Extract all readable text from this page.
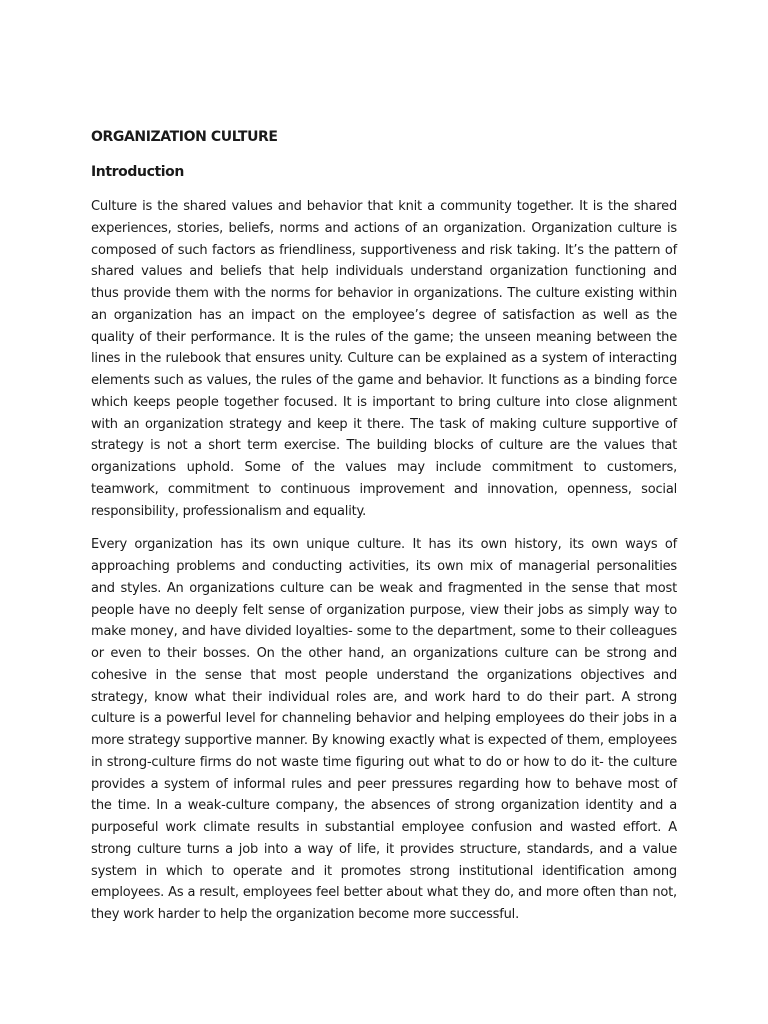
ORGANIZATION CULTURE
Introduction

Culture is the shared values and behavior that knit a community together. It is the shared experiences, stories, beliefs, norms and actions of an organization. Organization culture is composed of such factors as friendliness, supportiveness and risk taking. It’s the pattern of shared values and beliefs that help individuals understand organization functioning and thus provide them with the norms for behavior in organizations. The culture existing within an organization has an impact on the employee’s degree of satisfaction as well as the quality of their performance. It is the rules of the game; the unseen meaning between the lines in the rulebook that ensures unity. Culture can be explained as a system of interacting elements such as values, the rules of the game and behavior. It functions as a binding force which keeps people together focused. It is important to bring culture into close alignment with an organization strategy and keep it there. The task of making culture supportive of strategy is not a short term exercise. The building blocks of culture are the values that organizations uphold. Some of the values may include commitment to customers, teamwork, commitment to continuous improvement and innovation, openness, social responsibility, professionalism and equality.

Every organization has its own unique culture. It has its own history, its own ways of approaching problems and conducting activities, its own mix of managerial personalities and styles. An organizations culture can be weak and fragmented in the sense that most people have no deeply felt sense of organization purpose, view their jobs as simply way to make money, and have divided loyalties- some to the department, some to their colleagues or even to their bosses. On the other hand, an organizations culture can be strong and cohesive in the sense that most people understand the organizations objectives and strategy, know what their individual roles are, and work hard to do their part. A strong culture is a powerful level for channeling behavior and helping employees do their jobs in a more strategy supportive manner. By knowing exactly what is expected of them, employees in strong-culture firms do not waste time figuring out what to do or how to do it- the culture provides a system of informal rules and peer pressures regarding how to behave most of the time. In a weak-culture company, the absences of strong organization identity and a purposeful work climate results in substantial employee confusion and wasted effort. A strong culture turns a job into a way of life, it provides structure, standards, and a value system in which to operate and it promotes strong institutional identification among employees. As a result, employees feel better about what they do, and more often than not, they work harder to help the organization become more successful.
